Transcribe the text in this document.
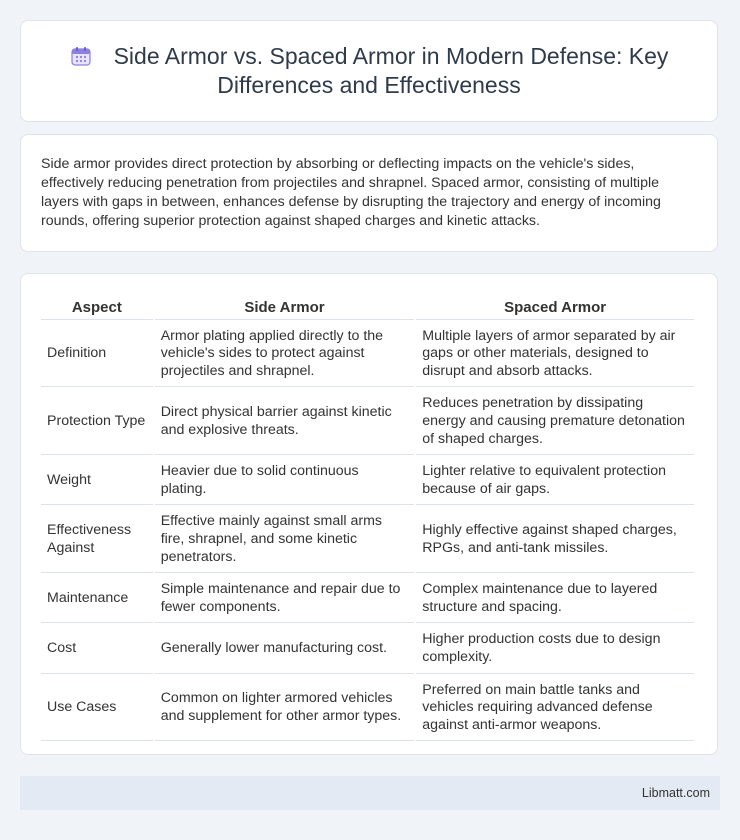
Side Armor vs. Spaced Armor in Modern Defense: Key Differences and Effectiveness

Side armor provides direct protection by absorbing or deflecting impacts on the vehicle's sides, effectively reducing penetration from projectiles and shrapnel. Spaced armor, consisting of multiple layers with gaps in between, enhances defense by disrupting the trajectory and energy of incoming rounds, offering superior protection against shaped charges and kinetic attacks.

Aspect	Side Armor	Spaced Armor
Definition	Armor plating applied directly to the vehicle's sides to protect against projectiles and shrapnel.	Multiple layers of armor separated by air gaps or other materials, designed to disrupt and absorb attacks.
Protection Type	Direct physical barrier against kinetic and explosive threats.	Reduces penetration by dissipating energy and causing premature detonation of shaped charges.
Weight	Heavier due to solid continuous plating.	Lighter relative to equivalent protection because of air gaps.
Effectiveness Against	Effective mainly against small arms fire, shrapnel, and some kinetic penetrators.	Highly effective against shaped charges, RPGs, and anti-tank missiles.
Maintenance	Simple maintenance and repair due to fewer components.	Complex maintenance due to layered structure and spacing.
Cost	Generally lower manufacturing cost.	Higher production costs due to design complexity.
Use Cases	Common on lighter armored vehicles and supplement for other armor types.	Preferred on main battle tanks and vehicles requiring advanced defense against anti-armor weapons.
Libmatt.com
